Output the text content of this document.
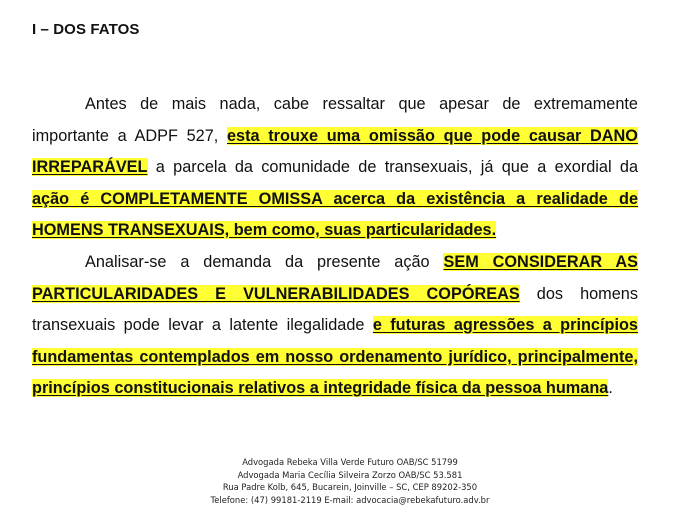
I – DOS FATOS
Antes de mais nada, cabe ressaltar que apesar de extremamente importante a ADPF 527, esta trouxe uma omissão que pode causar DANO IRREPARÁVEL a parcela da comunidade de transexuais, já que a exordial da ação é COMPLETAMENTE OMISSA acerca da existência a realidade de HOMENS TRANSEXUAIS, bem como, suas particularidades.
Analisar-se a demanda da presente ação SEM CONSIDERAR AS PARTICULARIDADES E VULNERABILIDADES COPÓREAS dos homens transexuais pode levar a latente ilegalidade e futuras agressões a princípios fundamentas contemplados em nosso ordenamento jurídico, principalmente, princípios constitucionais relativos a integridade física da pessoa humana.
Advogada Rebeka Villa Verde Futuro OAB/SC 51799
Advogada Maria Cecília Silveira Zorzo OAB/SC 53.581
Rua Padre Kolb, 645, Bucarein, Joinville – SC, CEP 89202-350
Telefone: (47) 99181-2119 E-mail: advocacia@rebekafuturo.adv.br
